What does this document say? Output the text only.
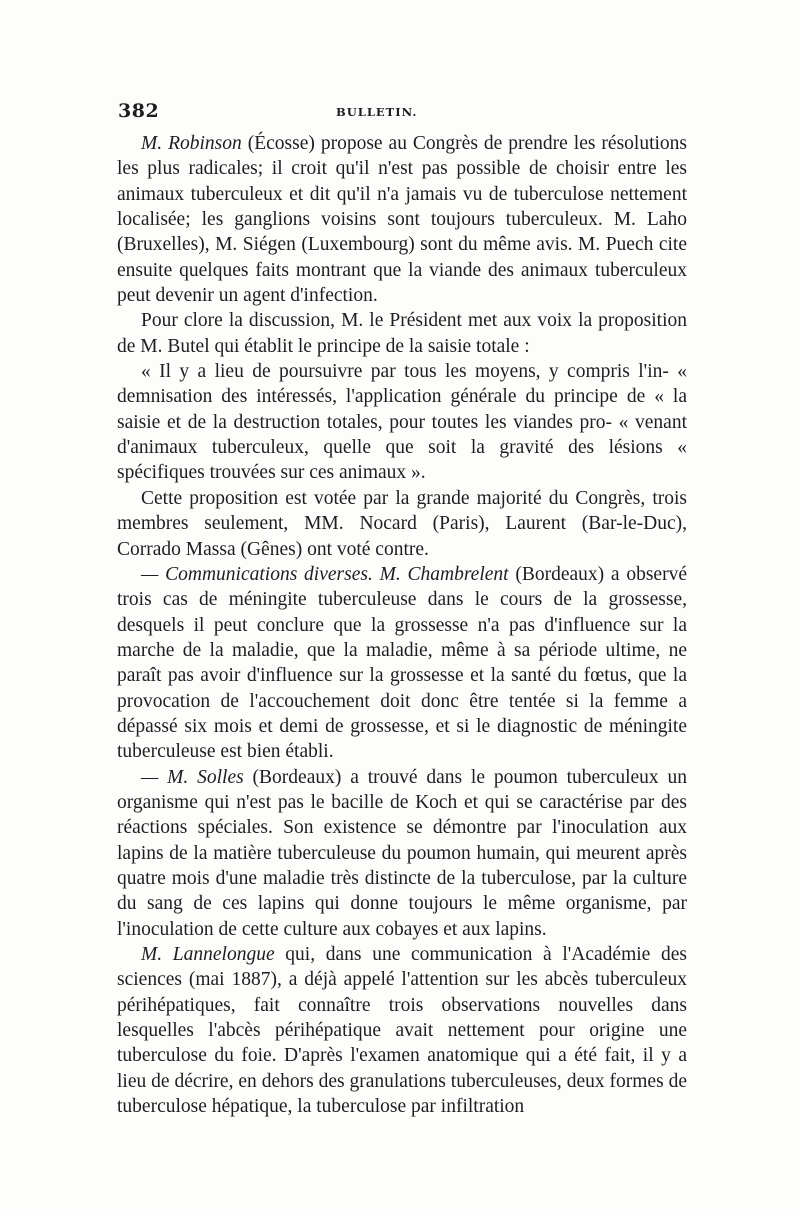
382	BULLETIN.

M. Robinson (Écosse) propose au Congrès de prendre les résolutions les plus radicales; il croit qu'il n'est pas possible de choisir entre les animaux tuberculeux et dit qu'il n'a jamais vu de tuberculose nettement localisée; les ganglions voisins sont toujours tuberculeux. M. Laho (Bruxelles), M. Siégen (Luxembourg) sont du même avis. M. Puech cite ensuite quelques faits montrant que la viande des animaux tuberculeux peut devenir un agent d'infection.

Pour clore la discussion, M. le Président met aux voix la proposition de M. Butel qui établit le principe de la saisie totale :

« Il y a lieu de poursuivre par tous les moyens, y compris l'in- « demnisation des intéressés, l'application générale du principe de « la saisie et de la destruction totales, pour toutes les viandes pro- « venant d'animaux tuberculeux, quelle que soit la gravité des lésions « spécifiques trouvées sur ces animaux ».

Cette proposition est votée par la grande majorité du Congrès, trois membres seulement, MM. Nocard (Paris), Laurent (Bar-le-Duc), Corrado Massa (Gênes) ont voté contre.

— Communications diverses. M. Chambrelent (Bordeaux) a observé trois cas de méningite tuberculeuse dans le cours de la grossesse, desquels il peut conclure que la grossesse n'a pas d'influence sur la marche de la maladie, que la maladie, même à sa période ultime, ne paraît pas avoir d'influence sur la grossesse et la santé du fœtus, que la provocation de l'accouchement doit donc être tentée si la femme a dépassé six mois et demi de grossesse, et si le diagnostic de méningite tuberculeuse est bien établi.

— M. Solles (Bordeaux) a trouvé dans le poumon tuberculeux un organisme qui n'est pas le bacille de Koch et qui se caractérise par des réactions spéciales. Son existence se démontre par l'inoculation aux lapins de la matière tuberculeuse du poumon humain, qui meurent après quatre mois d'une maladie très distincte de la tuberculose, par la culture du sang de ces lapins qui donne toujours le même organisme, par l'inoculation de cette culture aux cobayes et aux lapins.

M. Lannelongue qui, dans une communication à l'Académie des sciences (mai 1887), a déjà appelé l'attention sur les abcès tuberculeux périhépatiques, fait connaître trois observations nouvelles dans lesquelles l'abcès périhépatique avait nettement pour origine une tuberculose du foie. D'après l'examen anatomique qui a été fait, il y a lieu de décrire, en dehors des granulations tuberculeuses, deux formes de tuberculose hépatique, la tuberculose par infiltration
